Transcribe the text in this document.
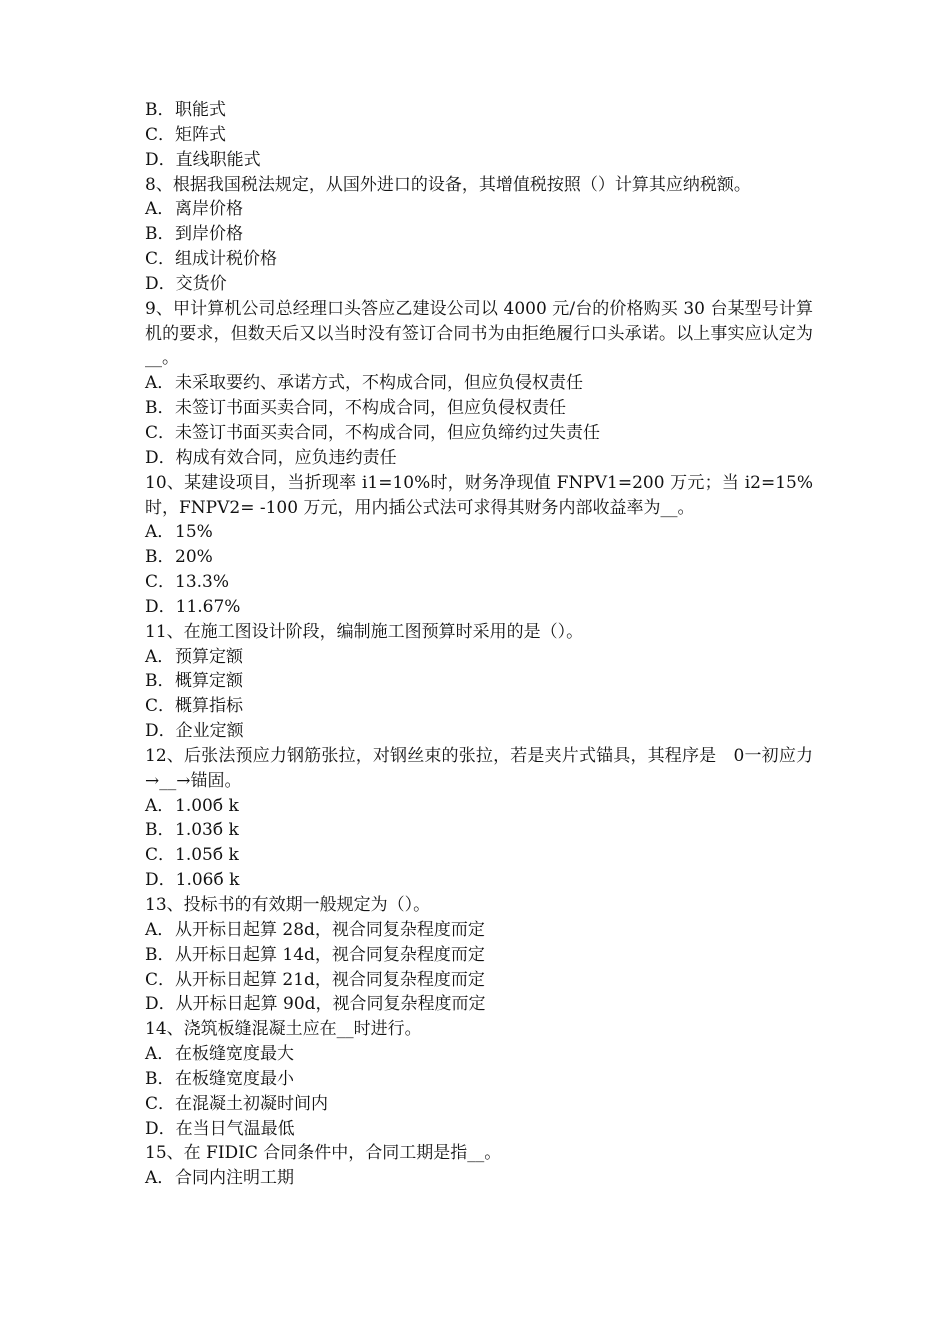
B．职能式
C．矩阵式
D．直线职能式
8、根据我国税法规定，从国外进口的设备，其增值税按照（）计算其应纳税额。
A．离岸价格
B．到岸价格
C．组成计税价格
D．交货价
9、甲计算机公司总经理口头答应乙建设公司以 4000 元/台的价格购买 30 台某型号计算机的要求，但数天后又以当时没有签订合同书为由拒绝履行口头承诺。以上事实应认定为__。
A．未采取要约、承诺方式，不构成合同，但应负侵权责任
B．未签订书面买卖合同，不构成合同，但应负侵权责任
C．未签订书面买卖合同，不构成合同，但应负缔约过失责任
D．构成有效合同，应负违约责任
10、某建设项目，当折现率 i1=10%时，财务净现值 FNPV1=200 万元；当 i2=15%时，FNPV2= -100 万元，用内插公式法可求得其财务内部收益率为__。
A．15%
B．20%
C．13.3%
D．11.67%
11、在施工图设计阶段，编制施工图预算时采用的是（）。
A．预算定额
B．概算定额
C．概算指标
D．企业定额
12、后张法预应力钢筋张拉，对钢丝束的张拉，若是夹片式锚具，其程序是　0一初应力→__→锚固。
A．1.00б k
B．1.03б k
C．1.05б k
D．1.06б k
13、投标书的有效期一般规定为（）。
A．从开标日起算 28d，视合同复杂程度而定
B．从开标日起算 14d，视合同复杂程度而定
C．从开标日起算 21d，视合同复杂程度而定
D．从开标日起算 90d，视合同复杂程度而定
14、浇筑板缝混凝土应在__时进行。
A．在板缝宽度最大
B．在板缝宽度最小
C．在混凝土初凝时间内
D．在当日气温最低
15、在 FIDIC 合同条件中，合同工期是指__。
A．合同内注明工期
